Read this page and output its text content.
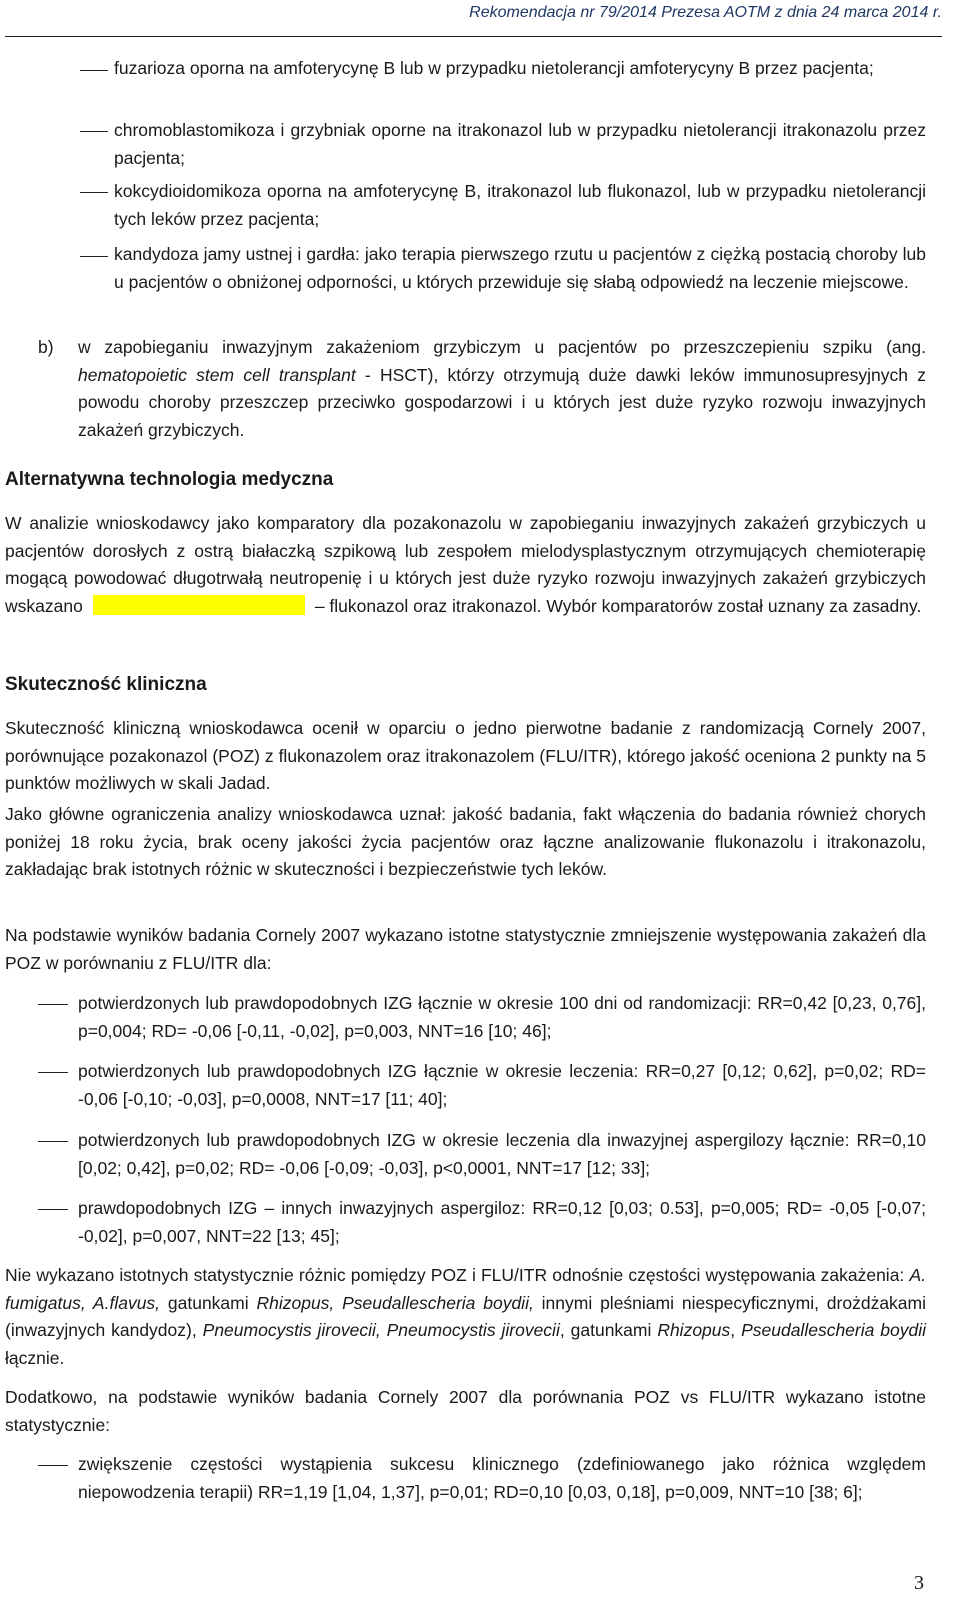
Rekomendacja nr 79/2014 Prezesa AOTM z dnia 24 marca 2014 r.
fuzarioza oporna na amfoterycynę B lub w przypadku nietolerancji amfoterycyny B przez pacjenta;
chromoblastomikoza i grzybniak oporne na itrakonazol lub w przypadku nietolerancji itrakonazolu przez pacjenta;
kokcydioidomikoza oporna na amfoterycynę B, itrakonazol lub flukonazol, lub w przypadku nietolerancji tych leków przez pacjenta;
kandydoza jamy ustnej i gardła: jako terapia pierwszego rzutu u pacjentów z ciężką postacią choroby lub u pacjentów o obniżonej odporności, u których przewiduje się słabą odpowiedź na leczenie miejscowe.
b) w zapobieganiu inwazyjnym zakażeniom grzybiczym u pacjentów po przeszczepieniu szpiku (ang. hematopoietic stem cell transplant - HSCT), którzy otrzymują duże dawki leków immunosupresyjnych z powodu choroby przeszczep przeciwko gospodarzowi i u których jest duże ryzyko rozwoju inwazyjnych zakażeń grzybiczych.
Alternatywna technologia medyczna
W analizie wnioskodawcy jako komparatory dla pozakonazolu w zapobieganiu inwazyjnych zakażeń grzybiczych u pacjentów dorosłych z ostrą białaczką szpikową lub zespołem mielodysplastycznym otrzymujących chemioterapię mogącą powodować długotrwałą neutropenię i u których jest duże ryzyko rozwoju inwazyjnych zakażeń grzybiczych wskazano	– flukonazol oraz itrakonazol. Wybór komparatorów został uznany za zasadny.
Skuteczność kliniczna
Skuteczność kliniczną wnioskodawca ocenił w oparciu o jedno pierwotne badanie z randomizacją Cornely 2007, porównujące pozakonazol (POZ) z flukonazolem oraz itrakonazolem (FLU/ITR), którego jakość oceniona 2 punkty na 5 punktów możliwych w skali Jadad.
Jako główne ograniczenia analizy wnioskodawca uznał: jakość badania, fakt włączenia do badania również chorych poniżej 18 roku życia, brak oceny jakości życia pacjentów oraz łączne analizowanie flukonazolu i itrakonazolu, zakładając brak istotnych różnic w skuteczności i bezpieczeństwie tych leków.
Na podstawie wyników badania Cornely 2007 wykazano istotne statystycznie zmniejszenie występowania zakażeń dla POZ w porównaniu z FLU/ITR dla:
potwierdzonych lub prawdopodobnych IZG łącznie w okresie 100 dni od randomizacji: RR=0,42 [0,23, 0,76], p=0,004; RD= -0,06 [-0,11, -0,02], p=0,003, NNT=16 [10; 46];
potwierdzonych lub prawdopodobnych IZG łącznie w okresie leczenia: RR=0,27 [0,12; 0,62], p=0,02; RD= -0,06 [-0,10; -0,03], p=0,0008, NNT=17 [11; 40];
potwierdzonych lub prawdopodobnych IZG w okresie leczenia dla inwazyjnej aspergilozy łącznie: RR=0,10 [0,02; 0,42], p=0,02; RD= -0,06 [-0,09; -0,03], p<0,0001, NNT=17 [12; 33];
prawdopodobnych IZG – innych inwazyjnych aspergiloz: RR=0,12 [0,03; 0.53], p=0,005; RD= -0,05 [-0,07; -0,02], p=0,007, NNT=22 [13; 45];
Nie wykazano istotnych statystycznie różnic pomiędzy POZ i FLU/ITR odnośnie częstości występowania zakażenia: A. fumigatus, A.flavus, gatunkami Rhizopus, Pseudallescheria boydii, innymi pleśniami niespecyficznymi, drożdżakami (inwazyjnych kandydoz), Pneumocystis jirovecii, Pneumocystis jirovecii, gatunkami Rhizopus, Pseudallescheria boydii łącznie.
Dodatkowo, na podstawie wyników badania Cornely 2007 dla porównania POZ vs FLU/ITR wykazano istotne statystycznie:
zwiększenie częstości wystąpienia sukcesu klinicznego (zdefiniowanego jako różnica względem niepowodzenia terapii) RR=1,19 [1,04, 1,37], p=0,01; RD=0,10 [0,03, 0,18], p=0,009, NNT=10 [38; 6];
3
